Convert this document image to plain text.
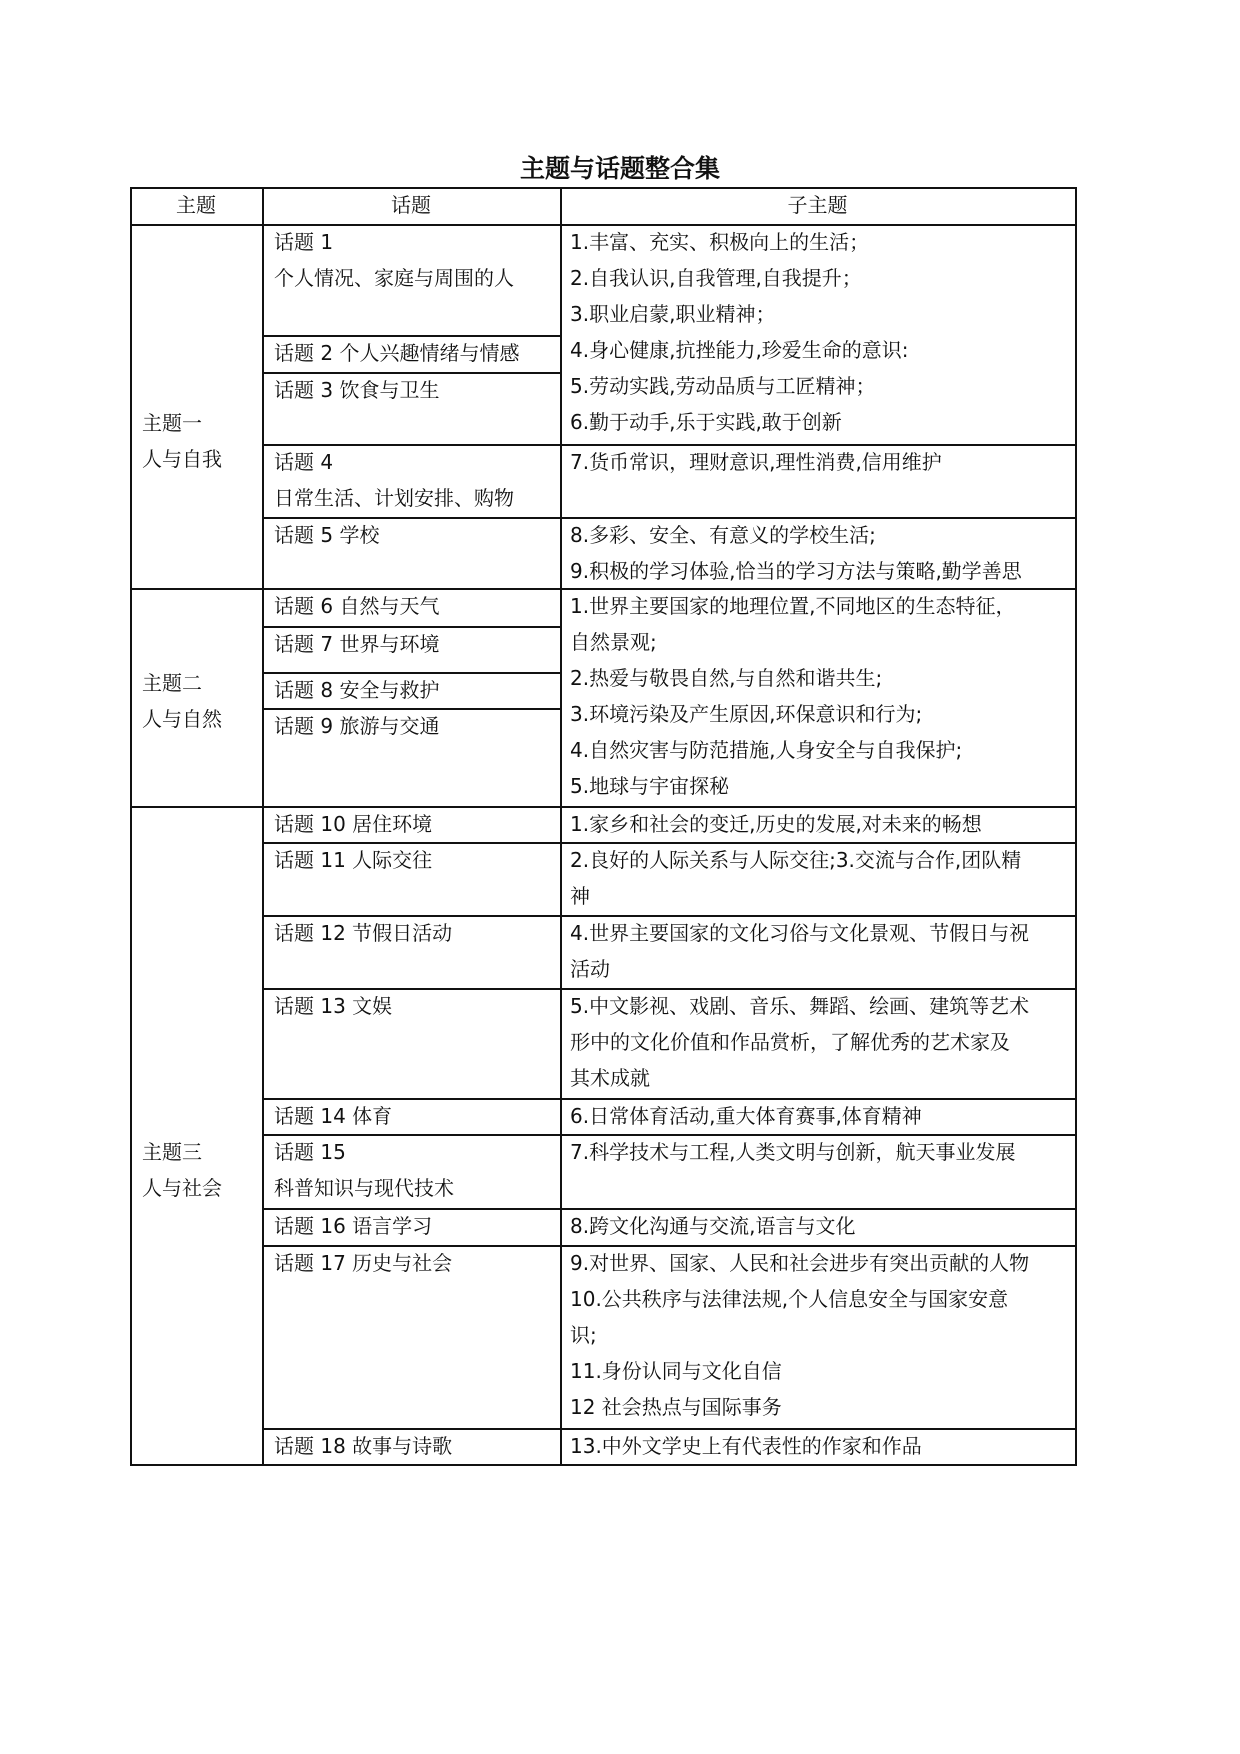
主题与话题整合集
主题	话题	子主题
主题一
人与自我
主题二
人与自然
主题三
人与社会
话题 1
个人情况、家庭与周围的人
话题 2 个人兴趣情绪与情感
话题 3 饮食与卫生
话题 4
日常生活、计划安排、购物
话题 5 学校
话题 6 自然与天气
话题 7 世界与环境
话题 8 安全与救护
话题 9 旅游与交通
话题 10 居住环境
话题 11 人际交往
话题 12 节假日活动
话题 13 文娱
话题 14 体育
话题 15
科普知识与现代技术
话题 16 语言学习
话题 17 历史与社会
话题 18 故事与诗歌
1.丰富、充实、积极向上的生活；
2.自我认识,自我管理,自我提升；
3.职业启蒙,职业精神；
4.身心健康,抗挫能力,珍爱生命的意识:
5.劳动实践,劳动品质与工匠精神；
6.勤于动手,乐于实践,敢于创新
7.货币常识，理财意识,理性消费,信用维护
8.多彩、安全、有意义的学校生活;
9.积极的学习体验,恰当的学习方法与策略,勤学善思
1.世界主要国家的地理位置,不同地区的生态特征，
自然景观;
2.热爱与敬畏自然,与自然和谐共生;
3.环境污染及产生原因,环保意识和行为;
4.自然灾害与防范措施,人身安全与自我保护;
5.地球与宇宙探秘
1.家乡和社会的变迁,历史的发展,对未来的畅想
2.良好的人际关系与人际交往;3.交流与合作,团队精
神
4.世界主要国家的文化习俗与文化景观、节假日与祝
活动
5.中文影视、戏剧、音乐、舞蹈、绘画、建筑等艺术
形中的文化价值和作品赏析，了解优秀的艺术家及
其术成就
6.日常体育活动,重大体育赛事,体育精神
7.科学技术与工程,人类文明与创新，航天事业发展
8.跨文化沟通与交流,语言与文化
9.对世界、国家、人民和社会进步有突出贡献的人物
10.公共秩序与法律法规,个人信息安全与国家安意
识;
11.身份认同与文化自信
12 社会热点与国际事务
13.中外文学史上有代表性的作家和作品
